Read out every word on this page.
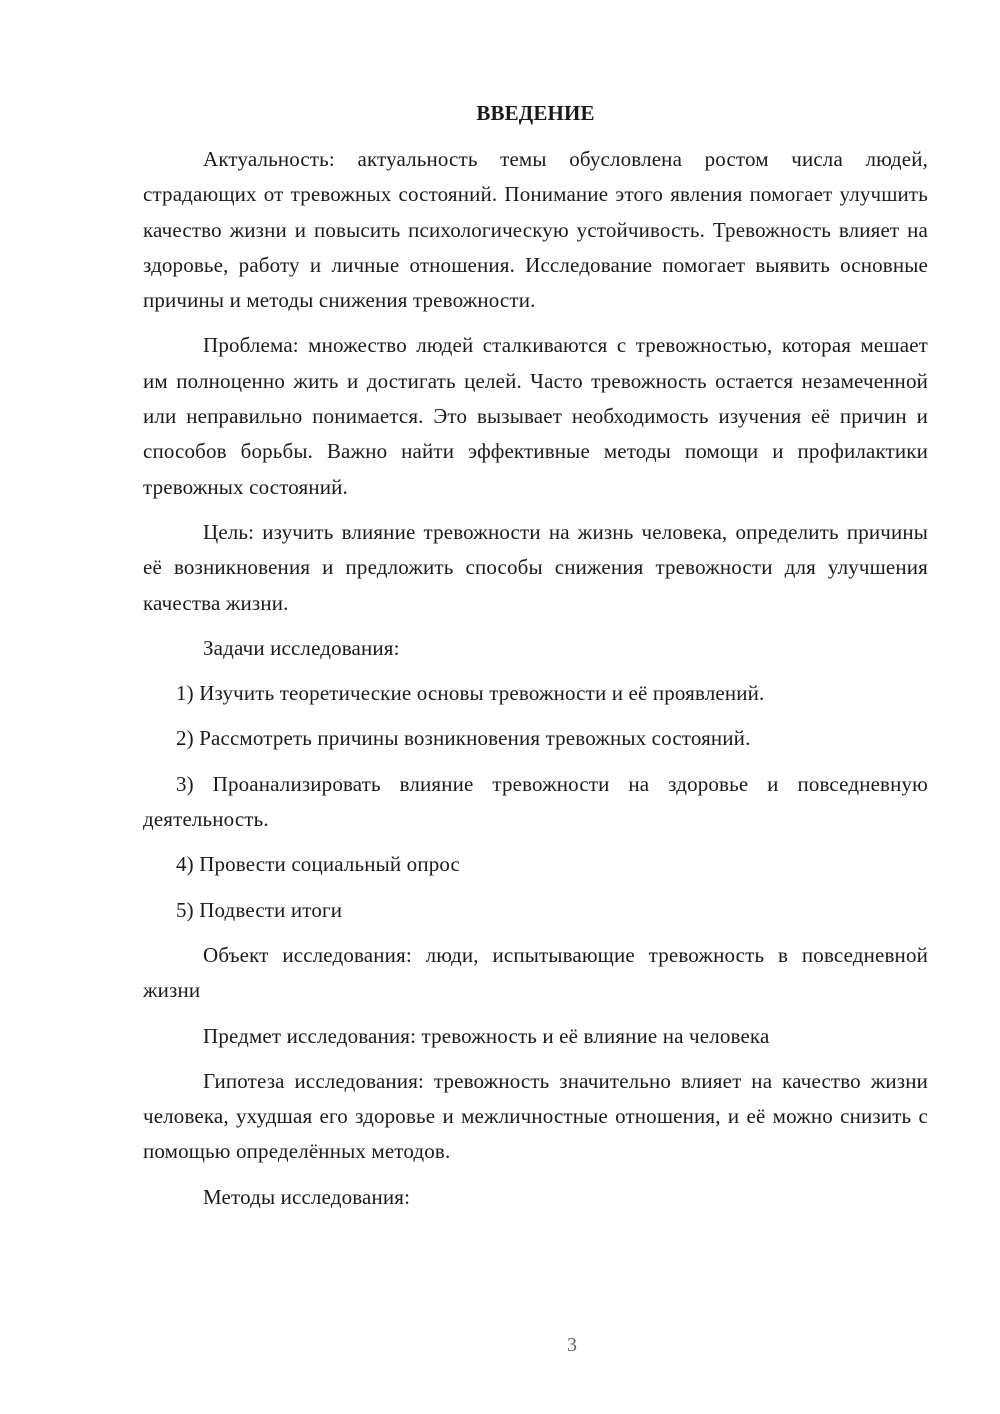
ВВЕДЕНИЕ

Актуальность: актуальность темы обусловлена ростом числа людей, страдающих от тревожных состояний. Понимание этого явления помогает улучшить качество жизни и повысить психологическую устойчивость. Тревожность влияет на здоровье, работу и личные отношения. Исследование помогает выявить основные причины и методы снижения тревожности.

Проблема: множество людей сталкиваются с тревожностью, которая мешает им полноценно жить и достигать целей. Часто тревожность остается незамеченной или неправильно понимается. Это вызывает необходимость изучения её причин и способов борьбы. Важно найти эффективные методы помощи и профилактики тревожных состояний.

Цель: изучить влияние тревожности на жизнь человека, определить причины её возникновения и предложить способы снижения тревожности для улучшения качества жизни.

Задачи исследования:

1) Изучить теоретические основы тревожности и её проявлений.

2) Рассмотреть причины возникновения тревожных состояний.

3) Проанализировать влияние тревожности на здоровье и повседневную деятельность.

4) Провести социальный опрос

5) Подвести итоги

Объект исследования: люди, испытывающие тревожность в повседневной жизни

Предмет исследования: тревожность и её влияние на человека

Гипотеза исследования: тревожность значительно влияет на качество жизни человека, ухудшая его здоровье и межличностные отношения, и её можно снизить с помощью определённых методов.

Методы исследования:

3
